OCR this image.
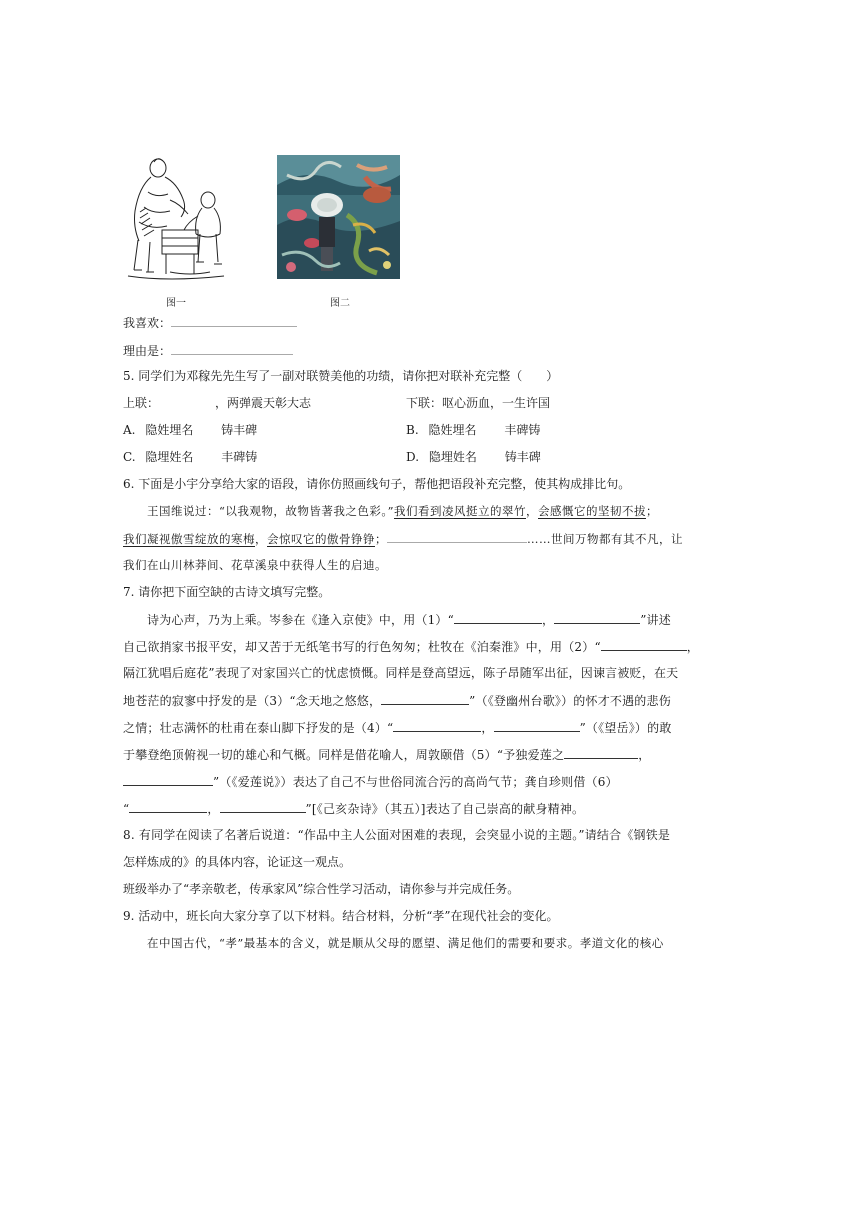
图一	图二
我喜欢：
理由是：
5. 同学们为邓稼先先生写了一副对联赞美他的功绩，请你把对联补充完整（　　）
上联：	，两弹震天彰大志	下联：呕心沥血，一生许国
A. 隐姓埋名 铸丰碑	B. 隐姓埋名 丰碑铸
C. 隐埋姓名 丰碑铸	D. 隐埋姓名 铸丰碑
6. 下面是小宇分享给大家的语段，请你仿照画线句子，帮他把语段补充完整，使其构成排比句。
王国维说过：“以我观物，故物皆著我之色彩。”我们看到凌风挺立的翠竹，会感慨它的坚韧不拔；
我们凝视傲雪绽放的寒梅，会惊叹它的傲骨铮铮；	……世间万物都有其不凡，让
我们在山川林莽间、花草溪泉中获得人生的启迪。
7. 请你把下面空缺的古诗文填写完整。
诗为心声，乃为上乘。岑参在《逢入京使》中，用（1）“	，	”讲述
自己欲捎家书报平安，却又苦于无纸笔书写的行色匆匆；杜牧在《泊秦淮》中，用（2）“	，
隔江犹唱后庭花”表现了对家国兴亡的忧虑愤慨。同样是登高望远，陈子昂随军出征，因谏言被贬，在天
地苍茫的寂寥中抒发的是（3）“念天地之悠悠，	”（《登幽州台歌》）的怀才不遇的悲伤
之情；壮志满怀的杜甫在泰山脚下抒发的是（4）“	，	”（《望岳》）的敢
于攀登绝顶俯视一切的雄心和气概。同样是借花喻人，周敦颐借（5）“予独爱莲之	，
”（《爱莲说》）表达了自己不与世俗同流合污的高尚气节；龚自珍则借（6）
“	，	”[《己亥杂诗》（其五）]表达了自己崇高的献身精神。
8. 有同学在阅读了名著后说道：“作品中主人公面对困难的表现，会突显小说的主题。”请结合《钢铁是
怎样炼成的》的具体内容，论证这一观点。
班级举办了“孝亲敬老，传承家风”综合性学习活动，请你参与并完成任务。
9. 活动中，班长向大家分享了以下材料。结合材料，分析“孝”在现代社会的变化。
在中国古代，“孝”最基本的含义，就是顺从父母的愿望、满足他们的需要和要求。孝道文化的核心
